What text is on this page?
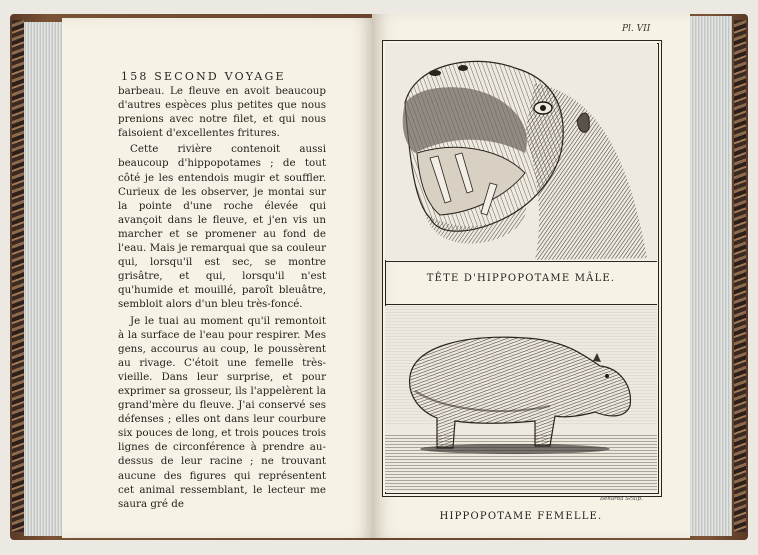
158 SECOND VOYAGE

barbeau. Le fleuve en avoit beaucoup d'autres espèces plus petites que nous prenions avec notre filet, et qui nous faisoient d'excellentes fritures.

Cette rivière contenoit aussi beaucoup d'hippopotames ; de tout côté je les entendois mugir et souffler. Curieux de les observer, je montai sur la pointe d'une roche élevée qui avançoit dans le fleuve, et j'en vis un marcher et se promener au fond de l'eau. Mais je remarquai que sa couleur qui, lorsqu'il est sec, se montre grisâtre, et qui, lorsqu'il n'est qu'humide et mouillé, paroît bleuâtre, sembloit alors d'un bleu très-foncé.

Je le tuai au moment qu'il remontoit à la surface de l'eau pour respirer. Mes gens, accourus au coup, le poussèrent au rivage. C'étoit une femelle très-vieille. Dans leur surprise, et pour exprimer sa grosseur, ils l'appelèrent la grand'mère du fleuve. J'ai conservé ses défenses ; elles ont dans leur courbure six pouces de long, et trois pouces trois lignes de circonférence à prendre au-dessus de leur racine ; ne trouvant aucune des figures qui représentent cet animal ressemblant, le lecteur me saura gré de

Pl. VII
TÊTE D'HIPPOPOTAME MÂLE.
Benarda Sculp.
HIPPOPOTAME FEMELLE.
